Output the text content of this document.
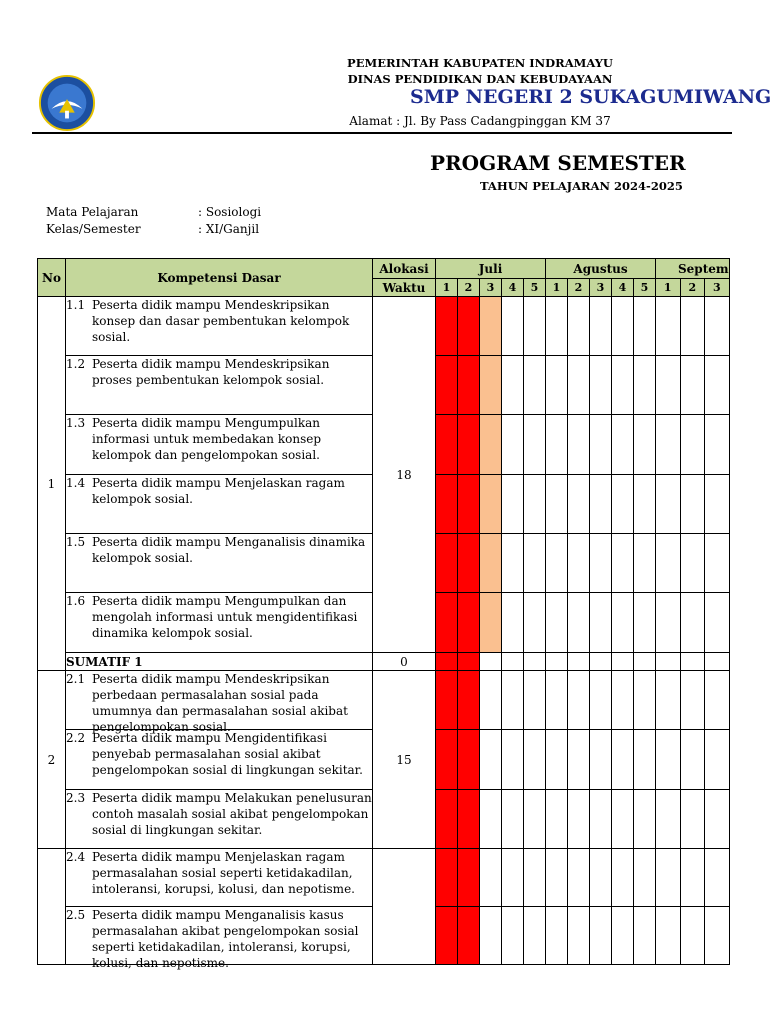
PEMERINTAH KABUPATEN INDRAMAYU
DINAS PENDIDIKAN DAN KEBUDAYAAN
SMP NEGERI 2 SUKAGUMIWANG
Alamat : Jl. By Pass Cadangpinggan KM 37
PROGRAM SEMESTER
TAHUN PELAJARAN 2024-2025
Mata Pelajaran	: Sosiologi
Kelas/Semester	: XI/Ganjil
No	Kompetensi Dasar	Alokasi	Juli					Agustus					Septem		
		Waktu	1	2	3	4	5	1	2	3	4	5	1	2	3
1	1.1 Peserta didik mampu Mendeskripsikan konsep dan dasar pembentukan kelompok sosial.	18													

	1.2 Peserta didik mampu Mendeskripsikan proses pembentukan kelompok sosial.														

	1.3 Peserta didik mampu Mengumpulkan informasi untuk membedakan konsep kelompok dan pengelompokan sosial.														

	1.4 Peserta didik mampu Menjelaskan ragam kelompok sosial.														

	1.5 Peserta didik mampu Menganalisis dinamika kelompok sosial.														

	1.6 Peserta didik mampu Mengumpulkan dan mengolah informasi untuk mengidentifikasi dinamika kelompok sosial.														

	SUMATIF 1	0													
2	2.1 Peserta didik mampu Mendeskripsikan perbedaan permasalahan sosial pada umumnya dan permasalahan sosial akibat pengelompokan sosial.	15													

	2.2 Peserta didik mampu Mengidentifikasi penyebab permasalahan sosial akibat pengelompokan sosial di lingkungan sekitar.														

	2.3 Peserta didik mampu Melakukan penelusuran contoh masalah sosial akibat pengelompokan sosial di lingkungan sekitar.														

	2.4 Peserta didik mampu Menjelaskan ragam permasalahan sosial seperti ketidakadilan, intoleransi, korupsi, kolusi, dan nepotisme.														

	2.5 Peserta didik mampu Menganalisis kasus permasalahan akibat pengelompokan sosial seperti ketidakadilan, intoleransi, korupsi, kolusi, dan nepotisme.														
